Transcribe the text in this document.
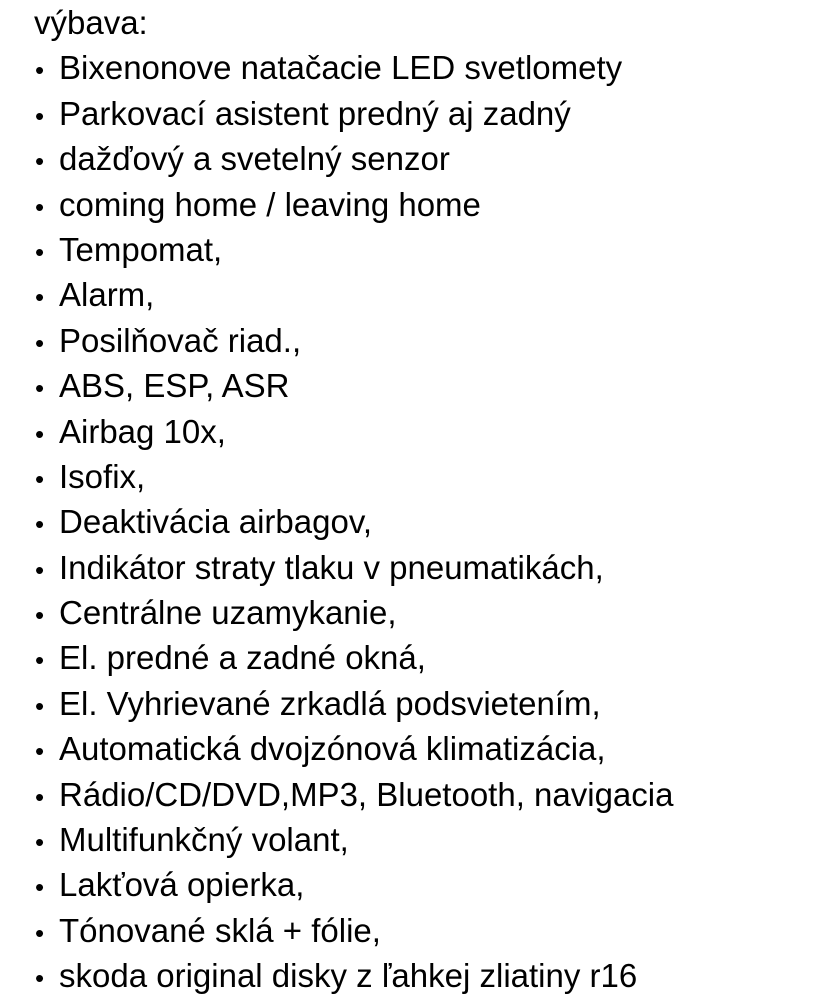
výbava:
• Bixenonove natačacie LED svetlomety
• Parkovací asistent predný aj zadný
• dažďový a svetelný senzor
• coming home / leaving home
• Tempomat,
• Alarm,
• Posilňovač riad.,
• ABS, ESP, ASR
• Airbag 10x,
• Isofix,
• Deaktivácia airbagov,
• Indikátor straty tlaku v pneumatikách,
• Centrálne uzamykanie,
• El. predné a zadné okná,
• El. Vyhrievané zrkadlá podsvietením,
• Automatická dvojzónová klimatizácia,
• Rádio/CD/DVD,MP3, Bluetooth, navigacia
• Multifunkčný volant,
• Lakťová opierka,
• Tónované sklá + fólie,
• skoda original disky z ľahkej zliatiny r16
